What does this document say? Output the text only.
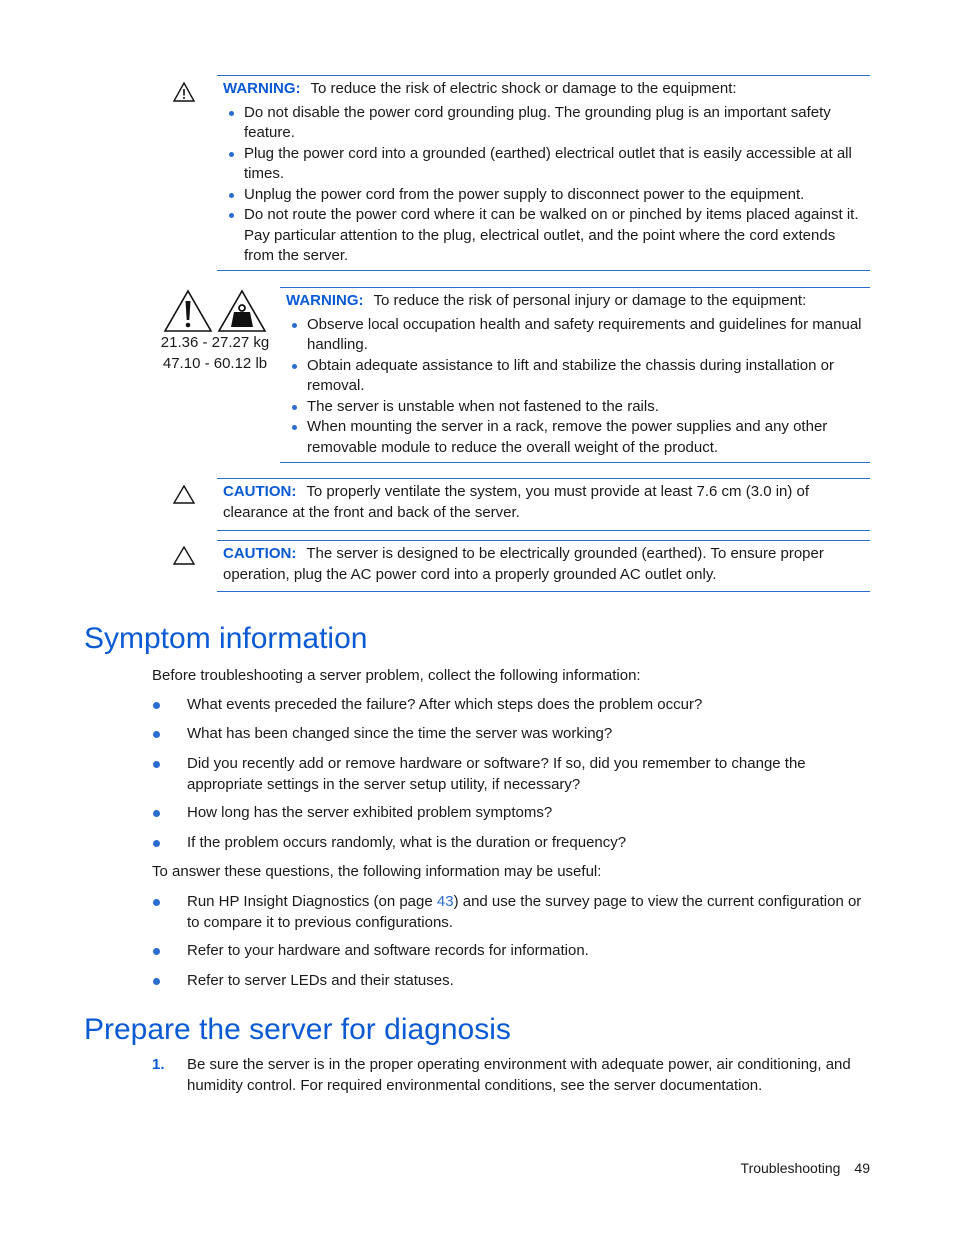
WARNING: To reduce the risk of electric shock or damage to the equipment:
Do not disable the power cord grounding plug. The grounding plug is an important safety feature.
Plug the power cord into a grounded (earthed) electrical outlet that is easily accessible at all times.
Unplug the power cord from the power supply to disconnect power to the equipment.
Do not route the power cord where it can be walked on or pinched by items placed against it. Pay particular attention to the plug, electrical outlet, and the point where the cord extends from the server.
21.36 - 27.27 kg
47.10 - 60.12 lb
WARNING: To reduce the risk of personal injury or damage to the equipment:
Observe local occupation health and safety requirements and guidelines for manual handling.
Obtain adequate assistance to lift and stabilize the chassis during installation or removal.
The server is unstable when not fastened to the rails.
When mounting the server in a rack, remove the power supplies and any other removable module to reduce the overall weight of the product.
CAUTION: To properly ventilate the system, you must provide at least 7.6 cm (3.0 in) of clearance at the front and back of the server.
CAUTION: The server is designed to be electrically grounded (earthed). To ensure proper operation, plug the AC power cord into a properly grounded AC outlet only.
Symptom information

Before troubleshooting a server problem, collect the following information:

What events preceded the failure? After which steps does the problem occur?
What has been changed since the time the server was working?
Did you recently add or remove hardware or software? If so, did you remember to change the appropriate settings in the server setup utility, if necessary?
How long has the server exhibited problem symptoms?
If the problem occurs randomly, what is the duration or frequency?

To answer these questions, the following information may be useful:

Run HP Insight Diagnostics (on page 43) and use the survey page to view the current configuration or to compare it to previous configurations.
Refer to your hardware and software records for information.
Refer to server LEDs and their statuses.
Prepare the server for diagnosis
1. Be sure the server is in the proper operating environment with adequate power, air conditioning, and humidity control. For required environmental conditions, see the server documentation.
Troubleshooting 49
